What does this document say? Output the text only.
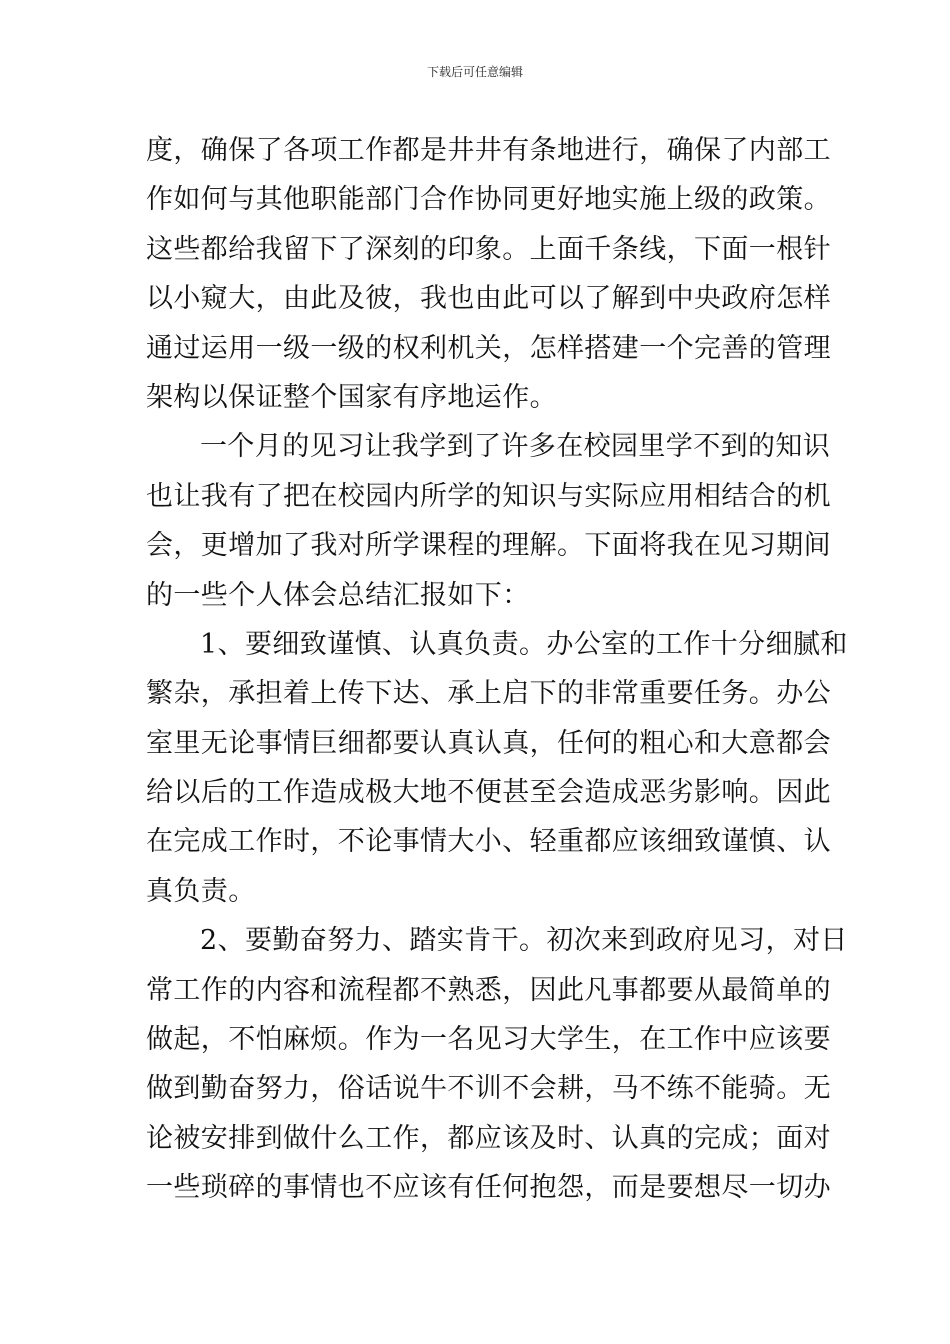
下载后可任意编辑
度，确保了各项工作都是井井有条地进行，确保了内部工
作如何与其他职能部门合作协同更好地实施上级的政策。
这些都给我留下了深刻的印象。上面千条线，下面一根针
以小窥大，由此及彼，我也由此可以了解到中央政府怎样
通过运用一级一级的权利机关，怎样搭建一个完善的管理
架构以保证整个国家有序地运作。
一个月的见习让我学到了许多在校园里学不到的知识
也让我有了把在校园内所学的知识与实际应用相结合的机
会，更增加了我对所学课程的理解。下面将我在见习期间
的一些个人体会总结汇报如下：
1、要细致谨慎、认真负责。办公室的工作十分细腻和
繁杂，承担着上传下达、承上启下的非常重要任务。办公
室里无论事情巨细都要认真认真，任何的粗心和大意都会
给以后的工作造成极大地不便甚至会造成恶劣影响。因此
在完成工作时，不论事情大小、轻重都应该细致谨慎、认
真负责。
2、要勤奋努力、踏实肯干。初次来到政府见习，对日
常工作的内容和流程都不熟悉，因此凡事都要从最简单的
做起，不怕麻烦。作为一名见习大学生，在工作中应该要
做到勤奋努力，俗话说牛不训不会耕，马不练不能骑。无
论被安排到做什么工作，都应该及时、认真的完成；面对
一些琐碎的事情也不应该有任何抱怨，而是要想尽一切办
